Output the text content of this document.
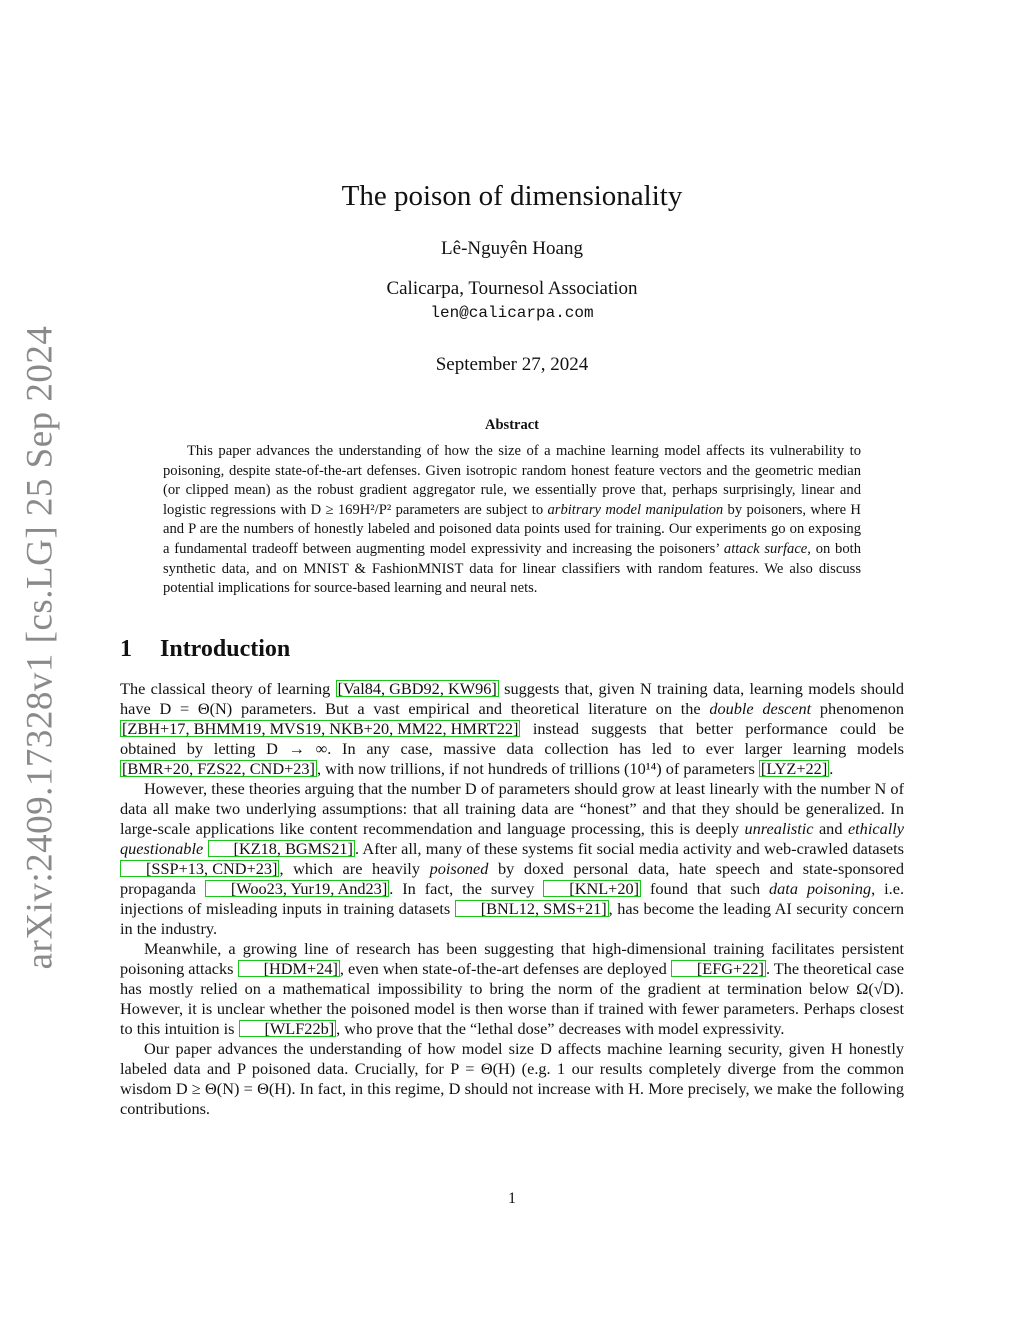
arXiv:2409.17328v1 [cs.LG] 25 Sep 2024
The poison of dimensionality
Lê-Nguyên Hoang
Calicarpa, Tournesol Association
len@calicarpa.com
September 27, 2024
Abstract
This paper advances the understanding of how the size of a machine learning model affects its vulnerability to poisoning, despite state-of-the-art defenses. Given isotropic random honest feature vectors and the geometric median (or clipped mean) as the robust gradient aggregator rule, we essentially prove that, perhaps surprisingly, linear and logistic regressions with D ≥ 169H²/P² parameters are subject to arbitrary model manipulation by poisoners, where H and P are the numbers of honestly labeled and poisoned data points used for training. Our experiments go on exposing a fundamental tradeoff between augmenting model expressivity and increasing the poisoners’ attack surface, on both synthetic data, and on MNIST & FashionMNIST data for linear classifiers with random features. We also discuss potential implications for source-based learning and neural nets.
1 Introduction

The classical theory of learning [Val84, GBD92, KW96] suggests that, given N training data, learning models should have D = Θ(N) parameters. But a vast empirical and theoretical literature on the double descent phenomenon [ZBH+17, BHMM19, MVS19, NKB+20, MM22, HMRT22] instead suggests that better performance could be obtained by letting D → ∞. In any case, massive data collection has led to ever larger learning models [BMR+20, FZS22, CND+23] , with now trillions, if not hundreds of trillions (10¹⁴) of parameters [LYZ+22] .

However, these theories arguing that the number D of parameters should grow at least linearly with the number N of data all make two underlying assumptions: that all training data are “honest” and that they should be generalized. In large-scale applications like content recommendation and language processing, this is deeply unrealistic and ethically questionable [KZ18, BGMS21] . After all, many of these systems fit social media activity and web-crawled datasets [SSP+13, CND+23] , which are heavily poisoned by doxed personal data, hate speech and state-sponsored propaganda [Woo23, Yur19, And23] . In fact, the survey [KNL+20] found that such data poisoning, i.e. injections of misleading inputs in training datasets [BNL12, SMS+21] , has become the leading AI security concern in the industry.

Meanwhile, a growing line of research has been suggesting that high-dimensional training facilitates persistent poisoning attacks [HDM+24] , even when state-of-the-art defenses are deployed [EFG+22] . The theoretical case has mostly relied on a mathematical impossibility to bring the norm of the gradient at termination below Ω(√D). However, it is unclear whether the poisoned model is then worse than if trained with fewer parameters. Perhaps closest to this intuition is [WLF22b] , who prove that the “lethal dose” decreases with model expressivity.

Our paper advances the understanding of how model size D affects machine learning security, given H honestly labeled data and P poisoned data. Crucially, for P = Θ(H) (e.g. 1 our results completely diverge from the common wisdom D ≥ Θ(N) = Θ(H). In fact, in this regime, D should not increase with H. More precisely, we make the following contributions.

1
